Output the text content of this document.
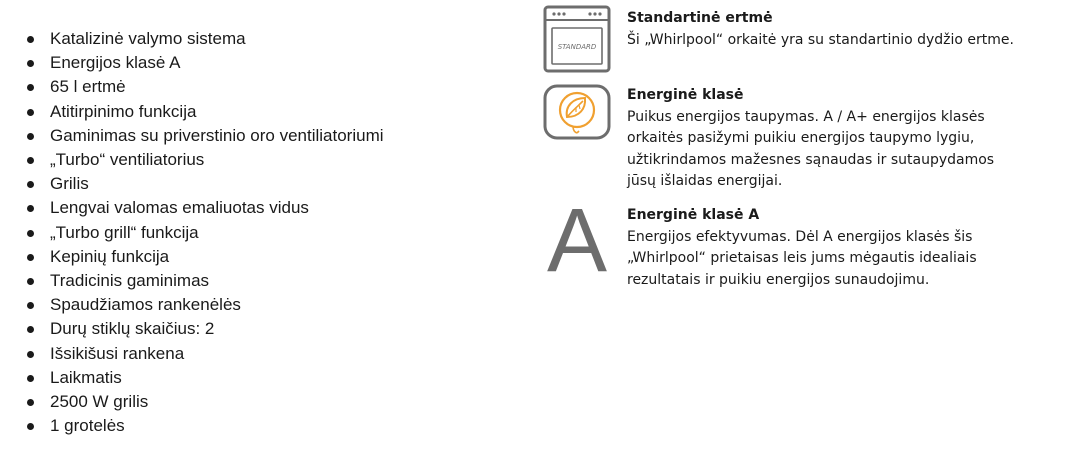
Katalizinė valymo sistema
Energijos klasė A
65 l ertmė
Atitirpinimo funkcija
Gaminimas su priverstinio oro ventiliatoriumi
„Turbo“ ventiliatorius
Grilis
Lengvai valomas emaliuotas vidus
„Turbo grill“ funkcija
Kepinių funkcija
Tradicinis gaminimas
Spaudžiamos rankenėlės
Durų stiklų skaičius: 2
Išsikišusi rankena
Laikmatis
2500 W grilis
1 grotelės
STANDARD
Standartinė ertmė
Ši „Whirlpool“ orkaitė yra su standartinio dydžio ertme.
Energinė klasė
Puikus energijos taupymas. A / A+ energijos klasės
orkaitės pasižymi puikiu energijos taupymo lygiu,
užtikrindamos mažesnes sąnaudas ir sutaupydamos
jūsų išlaidas energijai.
A Energinė klasė A
Energijos efektyvumas. Dėl A energijos klasės šis
„Whirlpool“ prietaisas leis jums mėgautis idealiais
rezultatais ir puikiu energijos sunaudojimu.
